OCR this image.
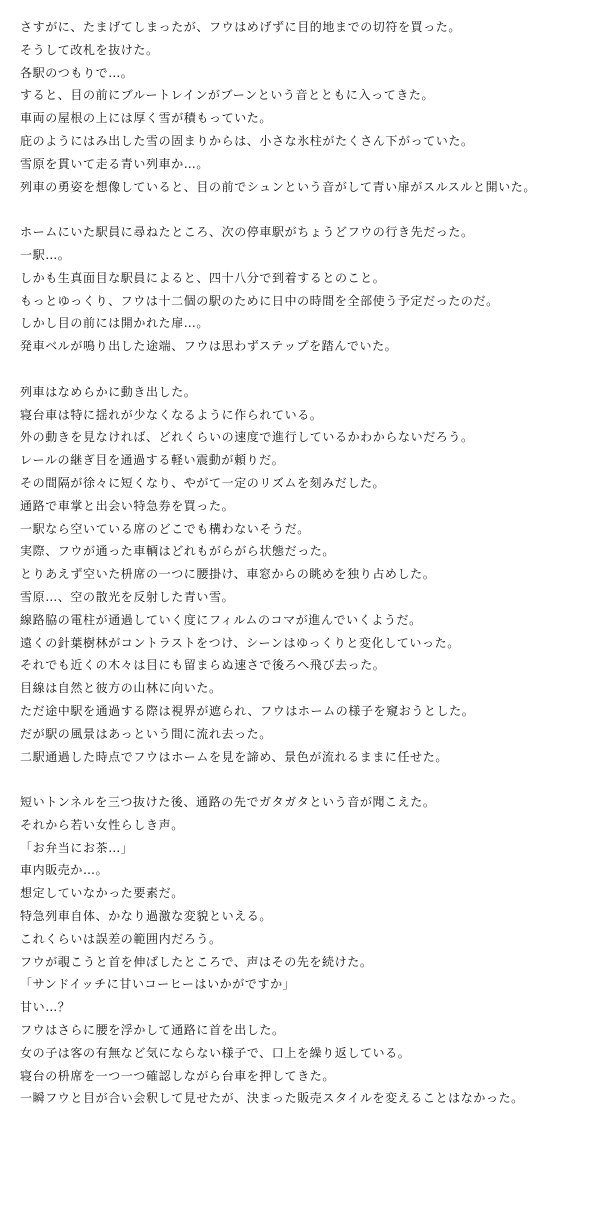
さすがに、たまげてしまったが、フウはめげずに目的地までの切符を買った。
そうして改札を抜けた。
各駅のつもりで…。
すると、目の前にブルートレインがブーンという音とともに入ってきた。
車両の屋根の上には厚く雪が積もっていた。
庇のようにはみ出した雪の固まりからは、小さな氷柱がたくさん下がっていた。
雪原を貫いて走る青い列車か…。
列車の勇姿を想像していると、目の前でシュンという音がして青い扉がスルスルと開いた。
ホームにいた駅員に尋ねたところ、次の停車駅がちょうどフウの行き先だった。
一駅…。
しかも生真面目な駅員によると、四十八分で到着するとのこと。
もっとゆっくり、フウは十二個の駅のために日中の時間を全部使う予定だったのだ。
しかし目の前には開かれた扉…。
発車ベルが鳴り出した途端、フウは思わずステップを踏んでいた。
列車はなめらかに動き出した。
寝台車は特に揺れが少なくなるように作られている。
外の動きを見なければ、どれくらいの速度で進行しているかわからないだろう。
レールの継ぎ目を通過する軽い震動が頼りだ。
その間隔が徐々に短くなり、やがて一定のリズムを刻みだした。
通路で車掌と出会い特急券を買った。
一駅なら空いている席のどこでも構わないそうだ。
実際、フウが通った車輌はどれもがらがら状態だった。
とりあえず空いた枡席の一つに腰掛け、車窓からの眺めを独り占めした。
雪原…、空の散光を反射した青い雪。
線路脇の電柱が通過していく度にフィルムのコマが進んでいくようだ。
遠くの針葉樹林がコントラストをつけ、シーンはゆっくりと変化していった。
それでも近くの木々は目にも留まらぬ速さで後ろへ飛び去った。
目線は自然と彼方の山林に向いた。
ただ途中駅を通過する際は視界が遮られ、フウはホームの様子を窺おうとした。
だが駅の風景はあっという間に流れ去った。
二駅通過した時点でフウはホームを見を諦め、景色が流れるままに任せた。
短いトンネルを三つ抜けた後、通路の先でガタガタという音が聞こえた。
それから若い女性らしき声。
「お弁当にお茶…」
車内販売か…。
想定していなかった要素だ。
特急列車自体、かなり過激な変貌といえる。
これくらいは誤差の範囲内だろう。
フウが覗こうと首を伸ばしたところで、声はその先を続けた。
「サンドイッチに甘いコーヒーはいかがですか」
甘い…？
フウはさらに腰を浮かして通路に首を出した。
女の子は客の有無など気にならない様子で、口上を繰り返している。
寝台の枡席を一つ一つ確認しながら台車を押してきた。
一瞬フウと目が合い会釈して見せたが、決まった販売スタイルを変えることはなかった。
